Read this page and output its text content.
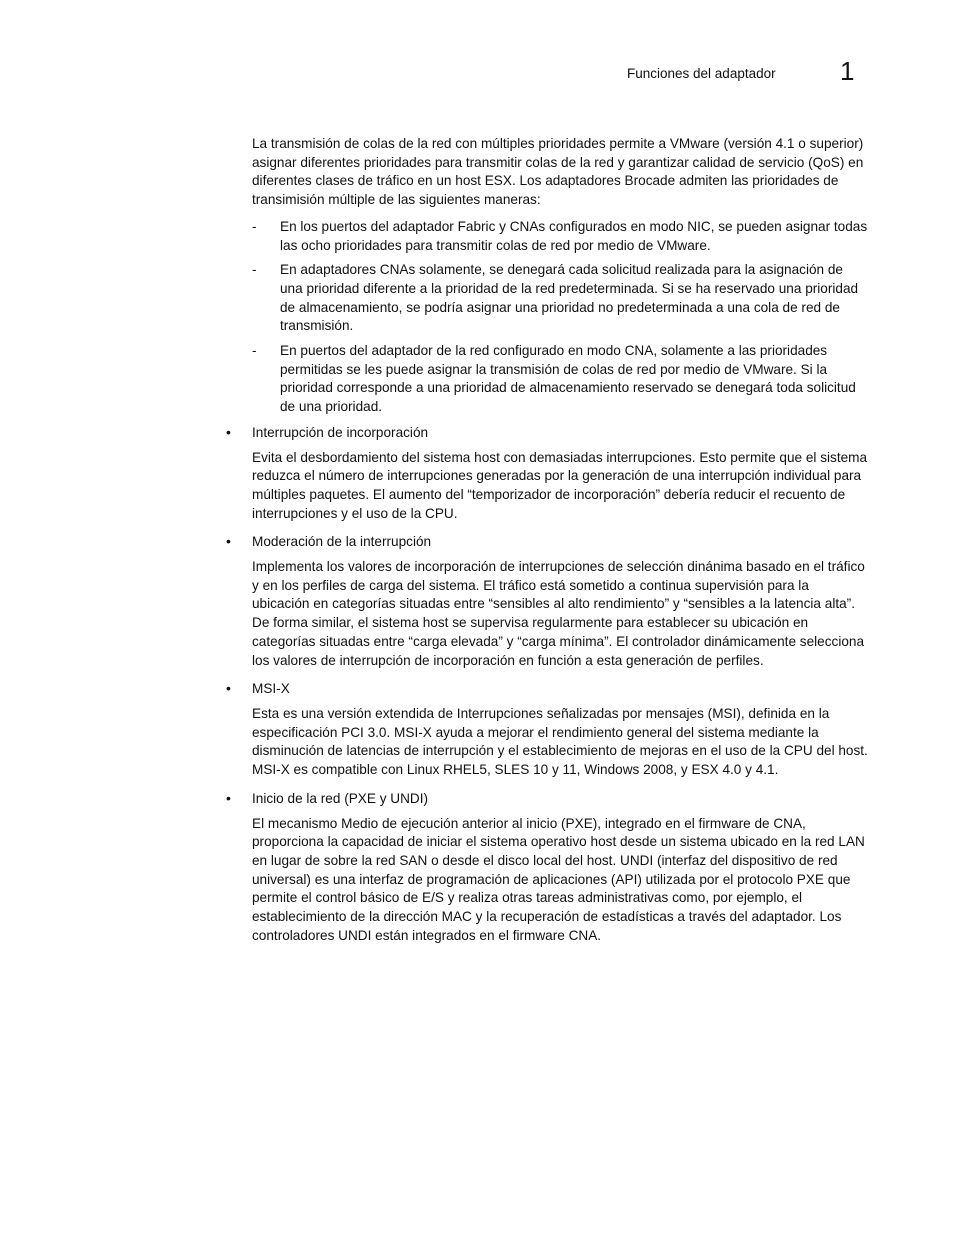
Funciones del adaptador 1

La transmisión de colas de la red con múltiples prioridades permite a VMware (versión 4.1 o superior) asignar diferentes prioridades para transmitir colas de la red y garantizar calidad de servicio (QoS) en diferentes clases de tráfico en un host ESX. Los adaptadores Brocade admiten las prioridades de transimisión múltiple de las siguientes maneras:

- En los puertos del adaptador Fabric y CNAs configurados en modo NIC, se pueden asignar todas las ocho prioridades para transmitir colas de red por medio de VMware.
- En adaptadores CNAs solamente, se denegará cada solicitud realizada para la asignación de una prioridad diferente a la prioridad de la red predeterminada. Si se ha reservado una prioridad de almacenamiento, se podría asignar una prioridad no predeterminada a una cola de red de transmisión.
- En puertos del adaptador de la red configurado en modo CNA, solamente a las prioridades permitidas se les puede asignar la transmisión de colas de red por medio de VMware. Si la prioridad corresponde a una prioridad de almacenamiento reservado se denegará toda solicitud de una prioridad.
• Interrupción de incorporación

Evita el desbordamiento del sistema host con demasiadas interrupciones. Esto permite que el sistema reduzca el número de interrupciones generadas por la generación de una interrupción individual para múltiples paquetes. El aumento del “temporizador de incorporación” debería reducir el recuento de interrupciones y el uso de la CPU.

• Moderación de la interrupción

Implementa los valores de incorporación de interrupciones de selección dinánima basado en el tráfico y en los perfiles de carga del sistema. El tráfico está sometido a continua supervisión para la ubicación en categorías situadas entre “sensibles al alto rendimiento” y “sensibles a la latencia alta”. De forma similar, el sistema host se supervisa regularmente para establecer su ubicación en categorías situadas entre “carga elevada” y “carga mínima”. El controlador dinámicamente selecciona los valores de interrupción de incorporación en función a esta generación de perfiles.

• MSI-X

Esta es una versión extendida de Interrupciones señalizadas por mensajes (MSI), definida en la especificación PCI 3.0. MSI-X ayuda a mejorar el rendimiento general del sistema mediante la disminución de latencias de interrupción y el establecimiento de mejoras en el uso de la CPU del host. MSI-X es compatible con Linux RHEL5, SLES 10 y 11, Windows 2008, y ESX 4.0 y 4.1.

• Inicio de la red (PXE y UNDI)

El mecanismo Medio de ejecución anterior al inicio (PXE), integrado en el firmware de CNA, proporciona la capacidad de iniciar el sistema operativo host desde un sistema ubicado en la red LAN en lugar de sobre la red SAN o desde el disco local del host. UNDI (interfaz del dispositivo de red universal) es una interfaz de programación de aplicaciones (API) utilizada por el protocolo PXE que permite el control básico de E/S y realiza otras tareas administrativas como, por ejemplo, el establecimiento de la dirección MAC y la recuperación de estadísticas a través del adaptador. Los controladores UNDI están integrados en el firmware CNA.
